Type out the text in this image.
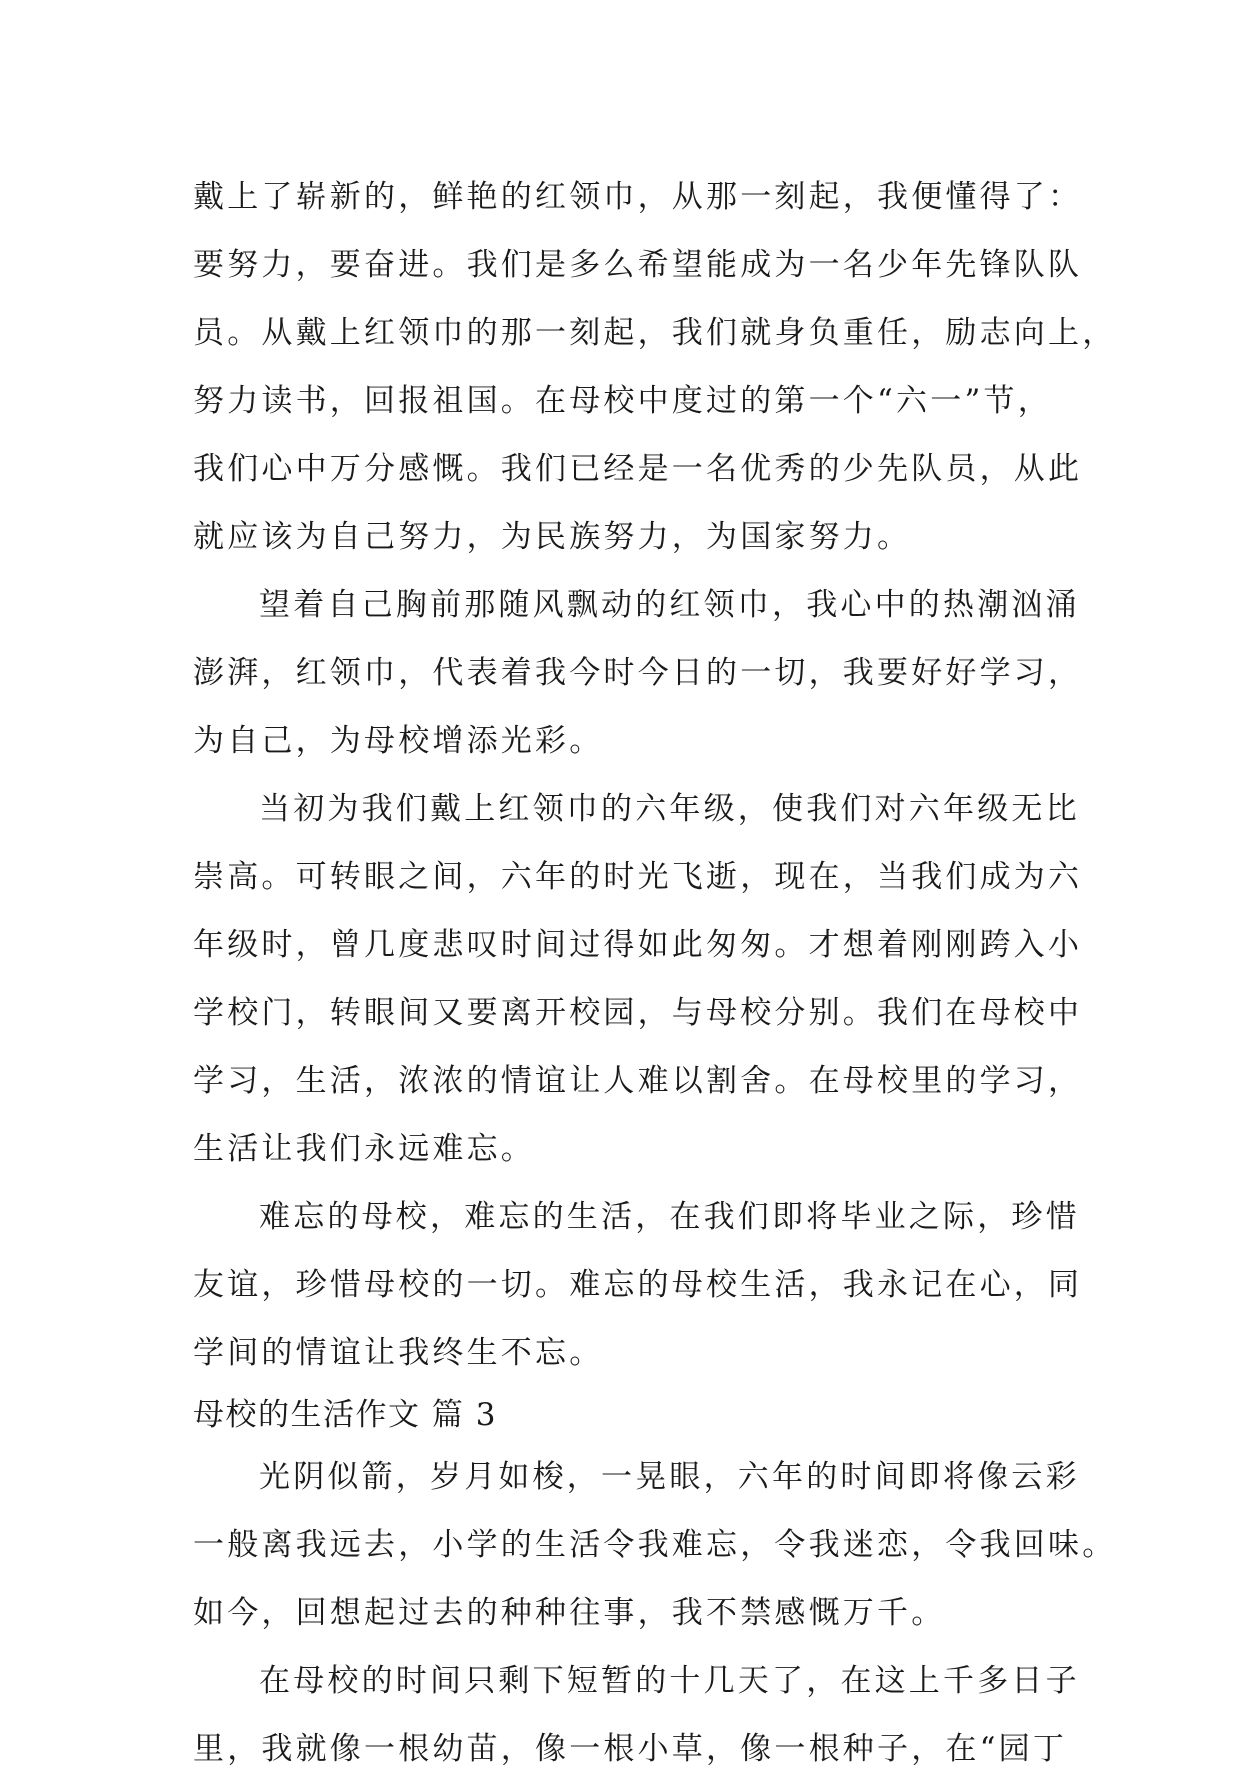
戴上了崭新的，鲜艳的红领巾，从那一刻起，我便懂得了：
要努力，要奋进。我们是多么希望能成为一名少年先锋队队
员。从戴上红领巾的那一刻起，我们就身负重任，励志向上，
努力读书，回报祖国。在母校中度过的第一个“六一”节，
我们心中万分感慨。我们已经是一名优秀的少先队员，从此
就应该为自己努力，为民族努力，为国家努力。
望着自己胸前那随风飘动的红领巾，我心中的热潮汹涌
澎湃，红领巾，代表着我今时今日的一切，我要好好学习，
为自己，为母校增添光彩。
当初为我们戴上红领巾的六年级，使我们对六年级无比
崇高。可转眼之间，六年的时光飞逝，现在，当我们成为六
年级时，曾几度悲叹时间过得如此匆匆。才想着刚刚跨入小
学校门，转眼间又要离开校园，与母校分别。我们在母校中
学习，生活，浓浓的情谊让人难以割舍。在母校里的学习，
生活让我们永远难忘。
难忘的母校，难忘的生活，在我们即将毕业之际，珍惜
友谊，珍惜母校的一切。难忘的母校生活，我永记在心，同
学间的情谊让我终生不忘。
母校的生活作文 篇 3
光阴似箭，岁月如梭，一晃眼，六年的时间即将像云彩
一般离我远去，小学的生活令我难忘，令我迷恋，令我回味。
如今，回想起过去的种种往事，我不禁感慨万千。
在母校的时间只剩下短暂的十几天了，在这上千多日子
里，我就像一根幼苗，像一根小草，像一根种子，在“园丁
